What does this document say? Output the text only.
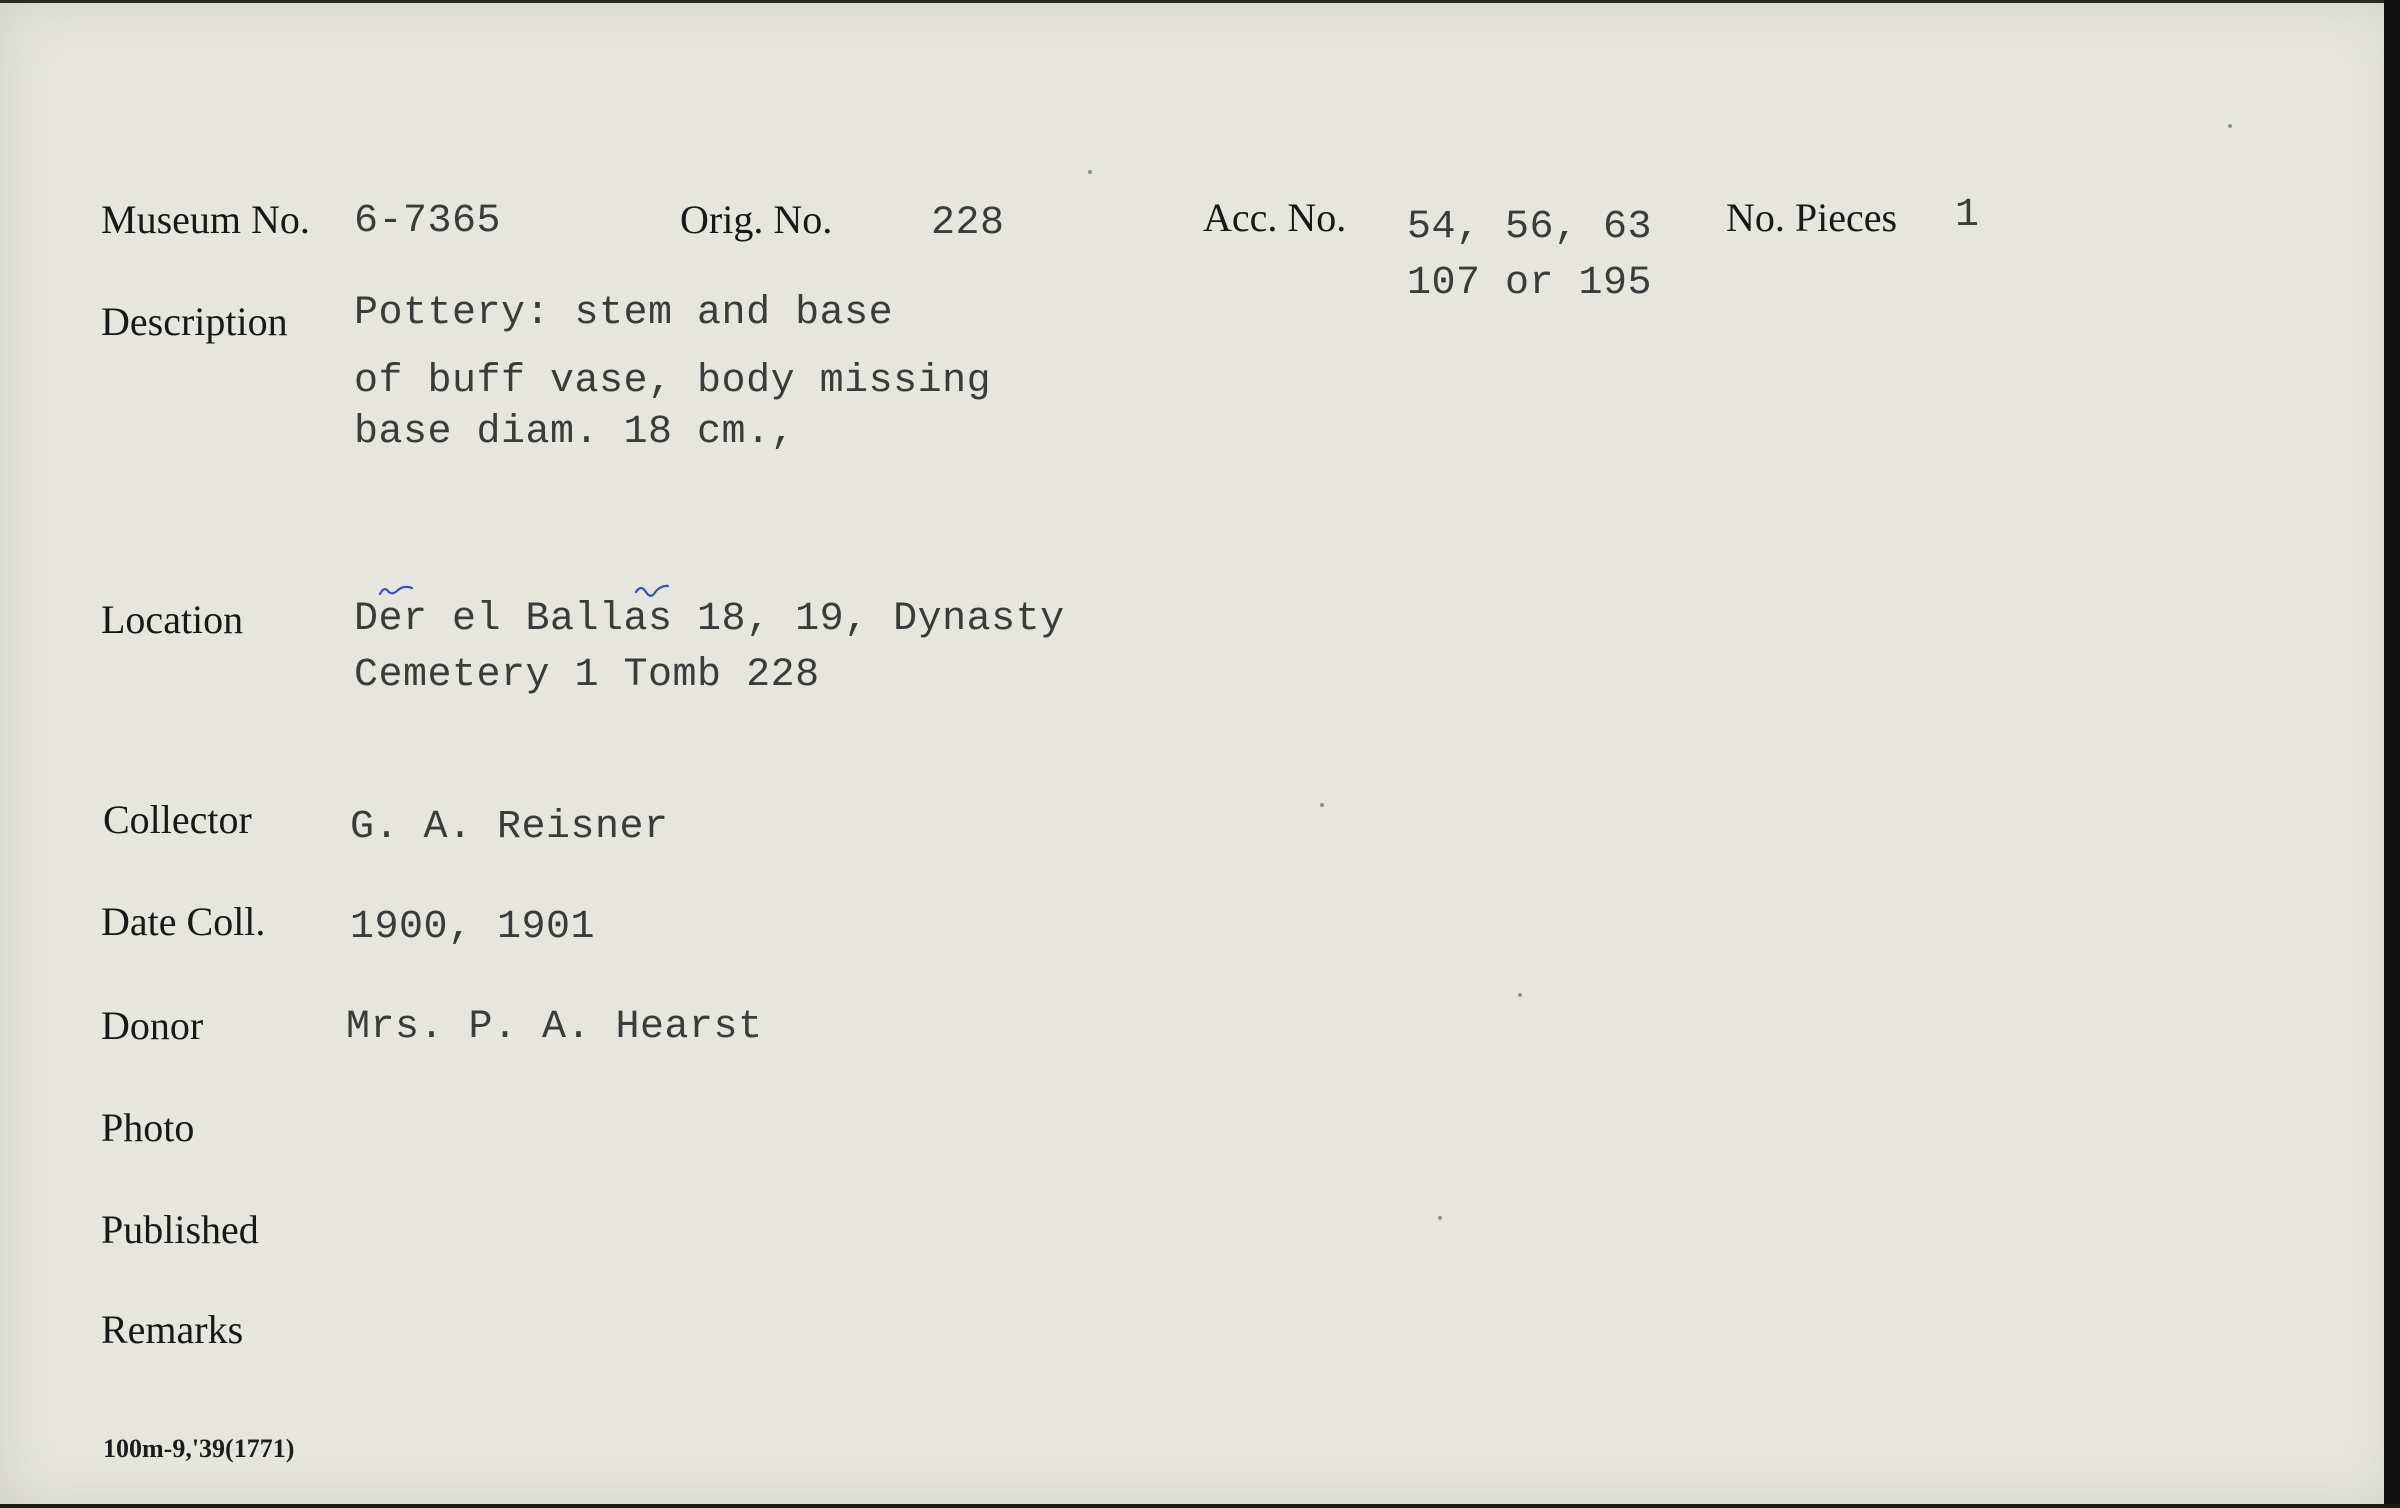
Museum No. 6-7365	Orig. No. 228	Acc. No. 54, 56, 63
107 or 195
No. Pieces 1
Description Pottery: stem and base
of buff vase, body missing
base diam. 18 cm.,
Location	Der el Ballas 18, 19, Dynasty
Cemetery 1 Tomb 228
Collector G. A. Reisner
Date Coll. 1900, 1901
Donor	Mrs. P. A. Hearst
Photo
Published
Remarks
100m-9,'39(1771)
